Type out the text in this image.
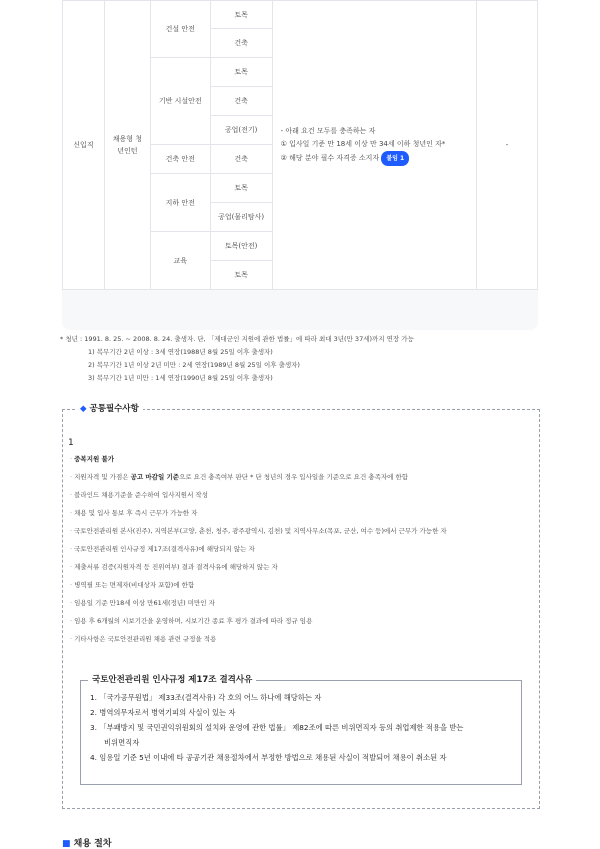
신입직	채용형 청년인턴	건설 안전	토목	- 아래 요건 모두를 충족하는 자
① 입사일 기준 만 18세 이상 만 34세 이하 청년인 자*
② 해당 분야 필수 자격증 소지자 붙임 1	-
			건축		
		기반 시설안전	토목		
			건축		
			공업(전기)		
		건축 안전	건축		
		지하 안전	토목		
			공업(물리탐사)		
		교육	토목(안전)		
			토목		
* 청년 : 1991. 8. 25. ~ 2008. 8. 24. 출생자. 단, 「제대군인 지원에 관한 법률」에 따라 최대 3년(만 37세)까지 연장 가능
1) 복무기간 2년 이상 : 3세 연장(1988년 8월 25일 이후 출생자)
2) 복무기간 1년 이상 2년 미만 : 2세 연장(1989년 8월 25일 이후 출생자)
3) 복무기간 1년 미만 : 1세 연장(1990년 8월 25일 이후 출생자)
◆ 공통필수사항
1
· 중복지원 불가
· 지원자격 및 가점은 공고 마감일 기준으로 요건 충족여부 판단 * 단 청년의 경우 입사일을 기준으로 요건 충족자에 한함
· 블라인드 채용기준을 준수하여 입사지원서 작성
· 채용 및 입사 통보 후 즉시 근무가 가능한 자
· 국토안전관리원 본사(진주), 지역본부(고양, 춘천, 청주, 광주광역시, 김천) 및 지역사무소(목포, 군산, 여수 등)에서 근무가 가능한 자
· 국토안전관리원 인사규정 제17조(결격사유)에 해당되지 않는 자
· 제출서류 검증(지원자격 등 진위여부) 결과 결격사유에 해당하지 않는 자
· 병역필 또는 면제자(비대상자 포함)에 한함
· 임용일 기준 만18세 이상 만61세(정년) 미만인 자
· 임용 후 6개월의 시보기간을 운영하며, 시보기간 종료 후 평가 결과에 따라 정규 임용
· 기타사항은 국토안전관리원 채용 관련 규정을 적용
국토안전관리원 인사규정 제17조 결격사유
1. 「국가공무원법」 제33조(결격사유) 각 호의 어느 하나에 해당하는 자
2. 병역의무자로서 병역기피의 사실이 있는 자
3. 「부패방지 및 국민권익위원회의 설치와 운영에 관한 법률」 제82조에 따른 비위면직자 등의 취업제한 적용을 받는
비위면직자
4. 임용일 기준 5년 이내에 타 공공기관 채용절차에서 부정한 방법으로 채용된 사실이 적발되어 채용이 취소된 자
■ 채용 절차
